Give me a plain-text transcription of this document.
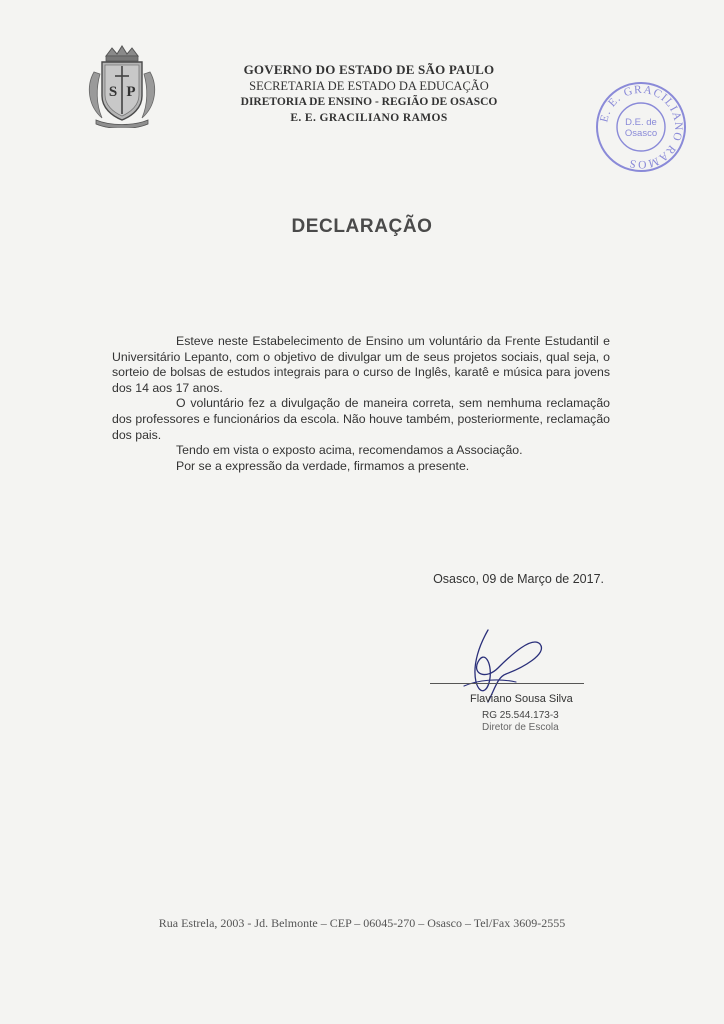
S P
GOVERNO DO ESTADO DE SÃO PAULO
SECRETARIA DE ESTADO DA EDUCAÇÃO
DIRETORIA DE ENSINO - REGIÃO DE OSASCO
E. E. GRACILIANO RAMOS	E. E. GRACILIANO RAMOS
D.E. de
Osasco
DECLARAÇÃO

Esteve neste Estabelecimento de Ensino um voluntário da Frente Estudantil e Universitário Lepanto, com o objetivo de divulgar um de seus projetos sociais, qual seja, o sorteio de bolsas de estudos integrais para o curso de Inglês, karatê e música para jovens dos 14 aos 17 anos.

O voluntário fez a divulgação de maneira correta, sem nemhuma reclamação dos professores e funcionários da escola. Não houve também, posteriormente, reclamação dos pais.

Tendo em vista o exposto acima, recomendamos a Associação.

Por se a expressão da verdade, firmamos a presente.

Osasco, 09 de Março de 2017.
Flaviano Sousa Silva
RG 25.544.173-3
Diretor de Escola
Rua Estrela, 2003 - Jd. Belmonte – CEP – 06045-270 – Osasco – Tel/Fax 3609-2555
